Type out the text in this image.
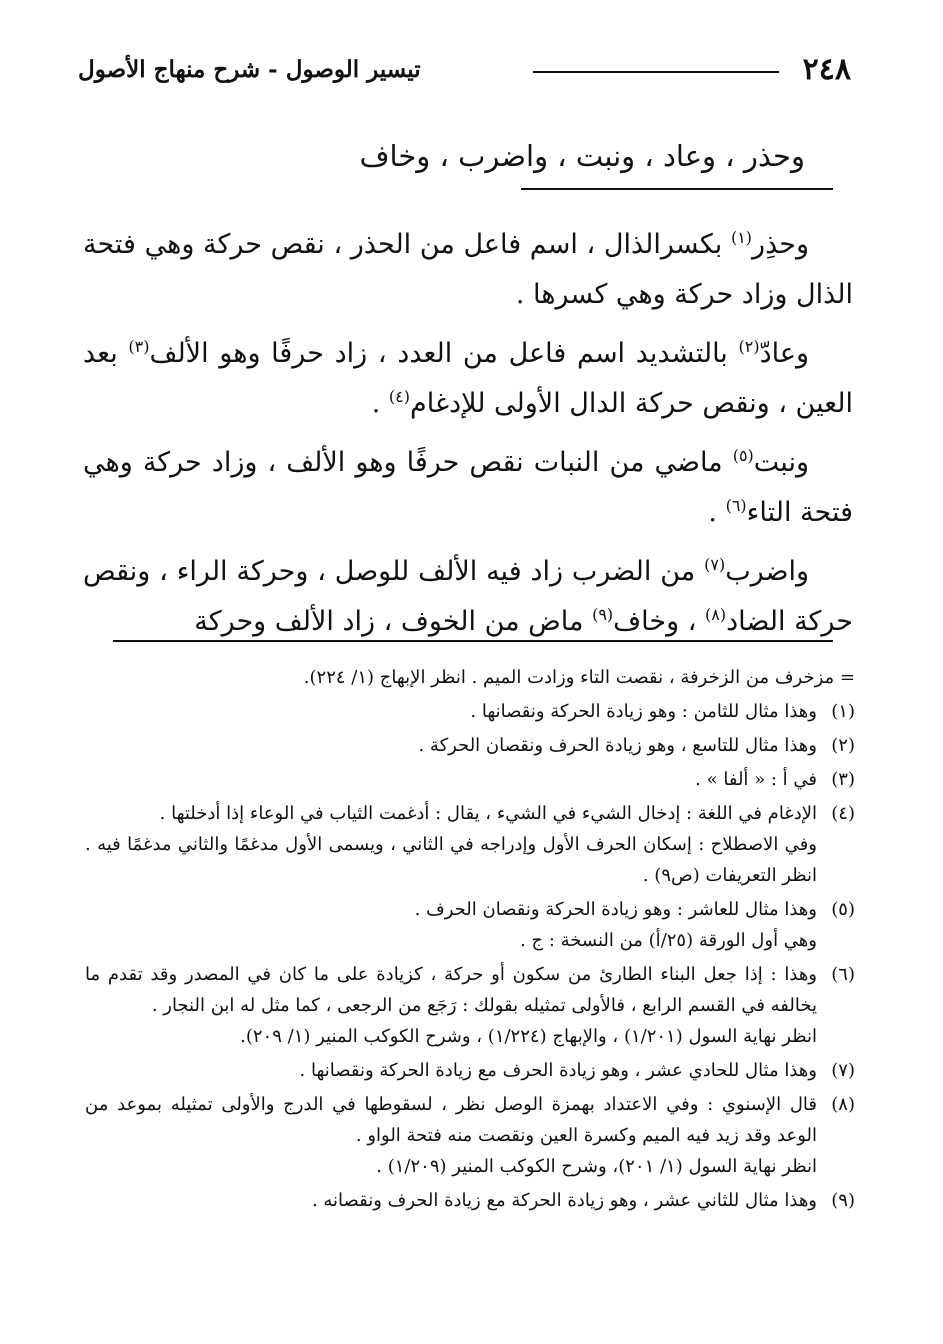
٢٤٨
تيسير الوصول - شرح منهاج الأصول
وحذر ، وعاد ، ونبت ، واضرب ، وخاف

وحذِر$^{(١)}$ بكسرالذال ، اسم فاعل من الحذر ، نقص حركة وهي فتحة الذال وزاد حركة وهي كسرها .

وعادّ$^{(٢)}$ بالتشديد اسم فاعل من العدد ، زاد حرفًا وهو الألف$^{(٣)}$ بعد العين ، ونقص حركة الدال الأولى للإدغام$^{(٤)}$ .

ونبت$^{(٥)}$ ماضي من النبات نقص حرفًا وهو الألف ، وزاد حركة وهي فتحة التاء$^{(٦)}$ .

واضرب$^{(٧)}$ من الضرب زاد فيه الألف للوصل ، وحركة الراء ، ونقص حركة الضاد$^{(٨)}$ ، وخاف$^{(٩)}$ ماض من الخوف ، زاد الألف وحركة

= مزخرف من الزخرفة ، نقصت التاء وزادت الميم . انظر الإبهاج (١/ ٢٢٤).
(١)
وهذا مثال للثامن : وهو زيادة الحركة ونقصانها .
(٢)
وهذا مثال للتاسع ، وهو زيادة الحرف ونقصان الحركة .
(٣)
في أ : « ألفا » .
(٤)
الإدغام في اللغة : إدخال الشيء في الشيء ، يقال : أدغمت الثياب في الوعاء إذا أدخلتها .
وفي الاصطلاح : إسكان الحرف الأول وإدراجه في الثاني ، ويسمى الأول مدغمًا والثاني مدغمًا فيه . انظر التعريفات (ص٩) .
(٥)
وهذا مثال للعاشر : وهو زيادة الحركة ونقصان الحرف .
وهي أول الورقة (٢٥/أ) من النسخة : ج .
(٦)
وهذا : إذا جعل البناء الطارئ من سكون أو حركة ، كزيادة على ما كان في المصدر وقد تقدم ما يخالفه في القسم الرابع ، فالأولى تمثيله بقولك : رَجَع من الرجعى ، كما مثل له ابن النجار .
انظر نهاية السول (١/٢٠١) ، والإبهاج (١/٢٢٤) ، وشرح الكوكب المنير (١/ ٢٠٩).
(٧)
وهذا مثال للحادي عشر ، وهو زيادة الحرف مع زيادة الحركة ونقصانها .
(٨)
قال الإسنوي : وفي الاعتداد بهمزة الوصل نظر ، لسقوطها في الدرج والأولى تمثيله بموعد من الوعد وقد زيد فيه الميم وكسرة العين ونقصت منه فتحة الواو .
انظر نهاية السول (١/ ٢٠١)، وشرح الكوكب المنير (١/٢٠٩) .
(٩)
وهذا مثال للثاني عشر ، وهو زيادة الحركة مع زيادة الحرف ونقصانه .
